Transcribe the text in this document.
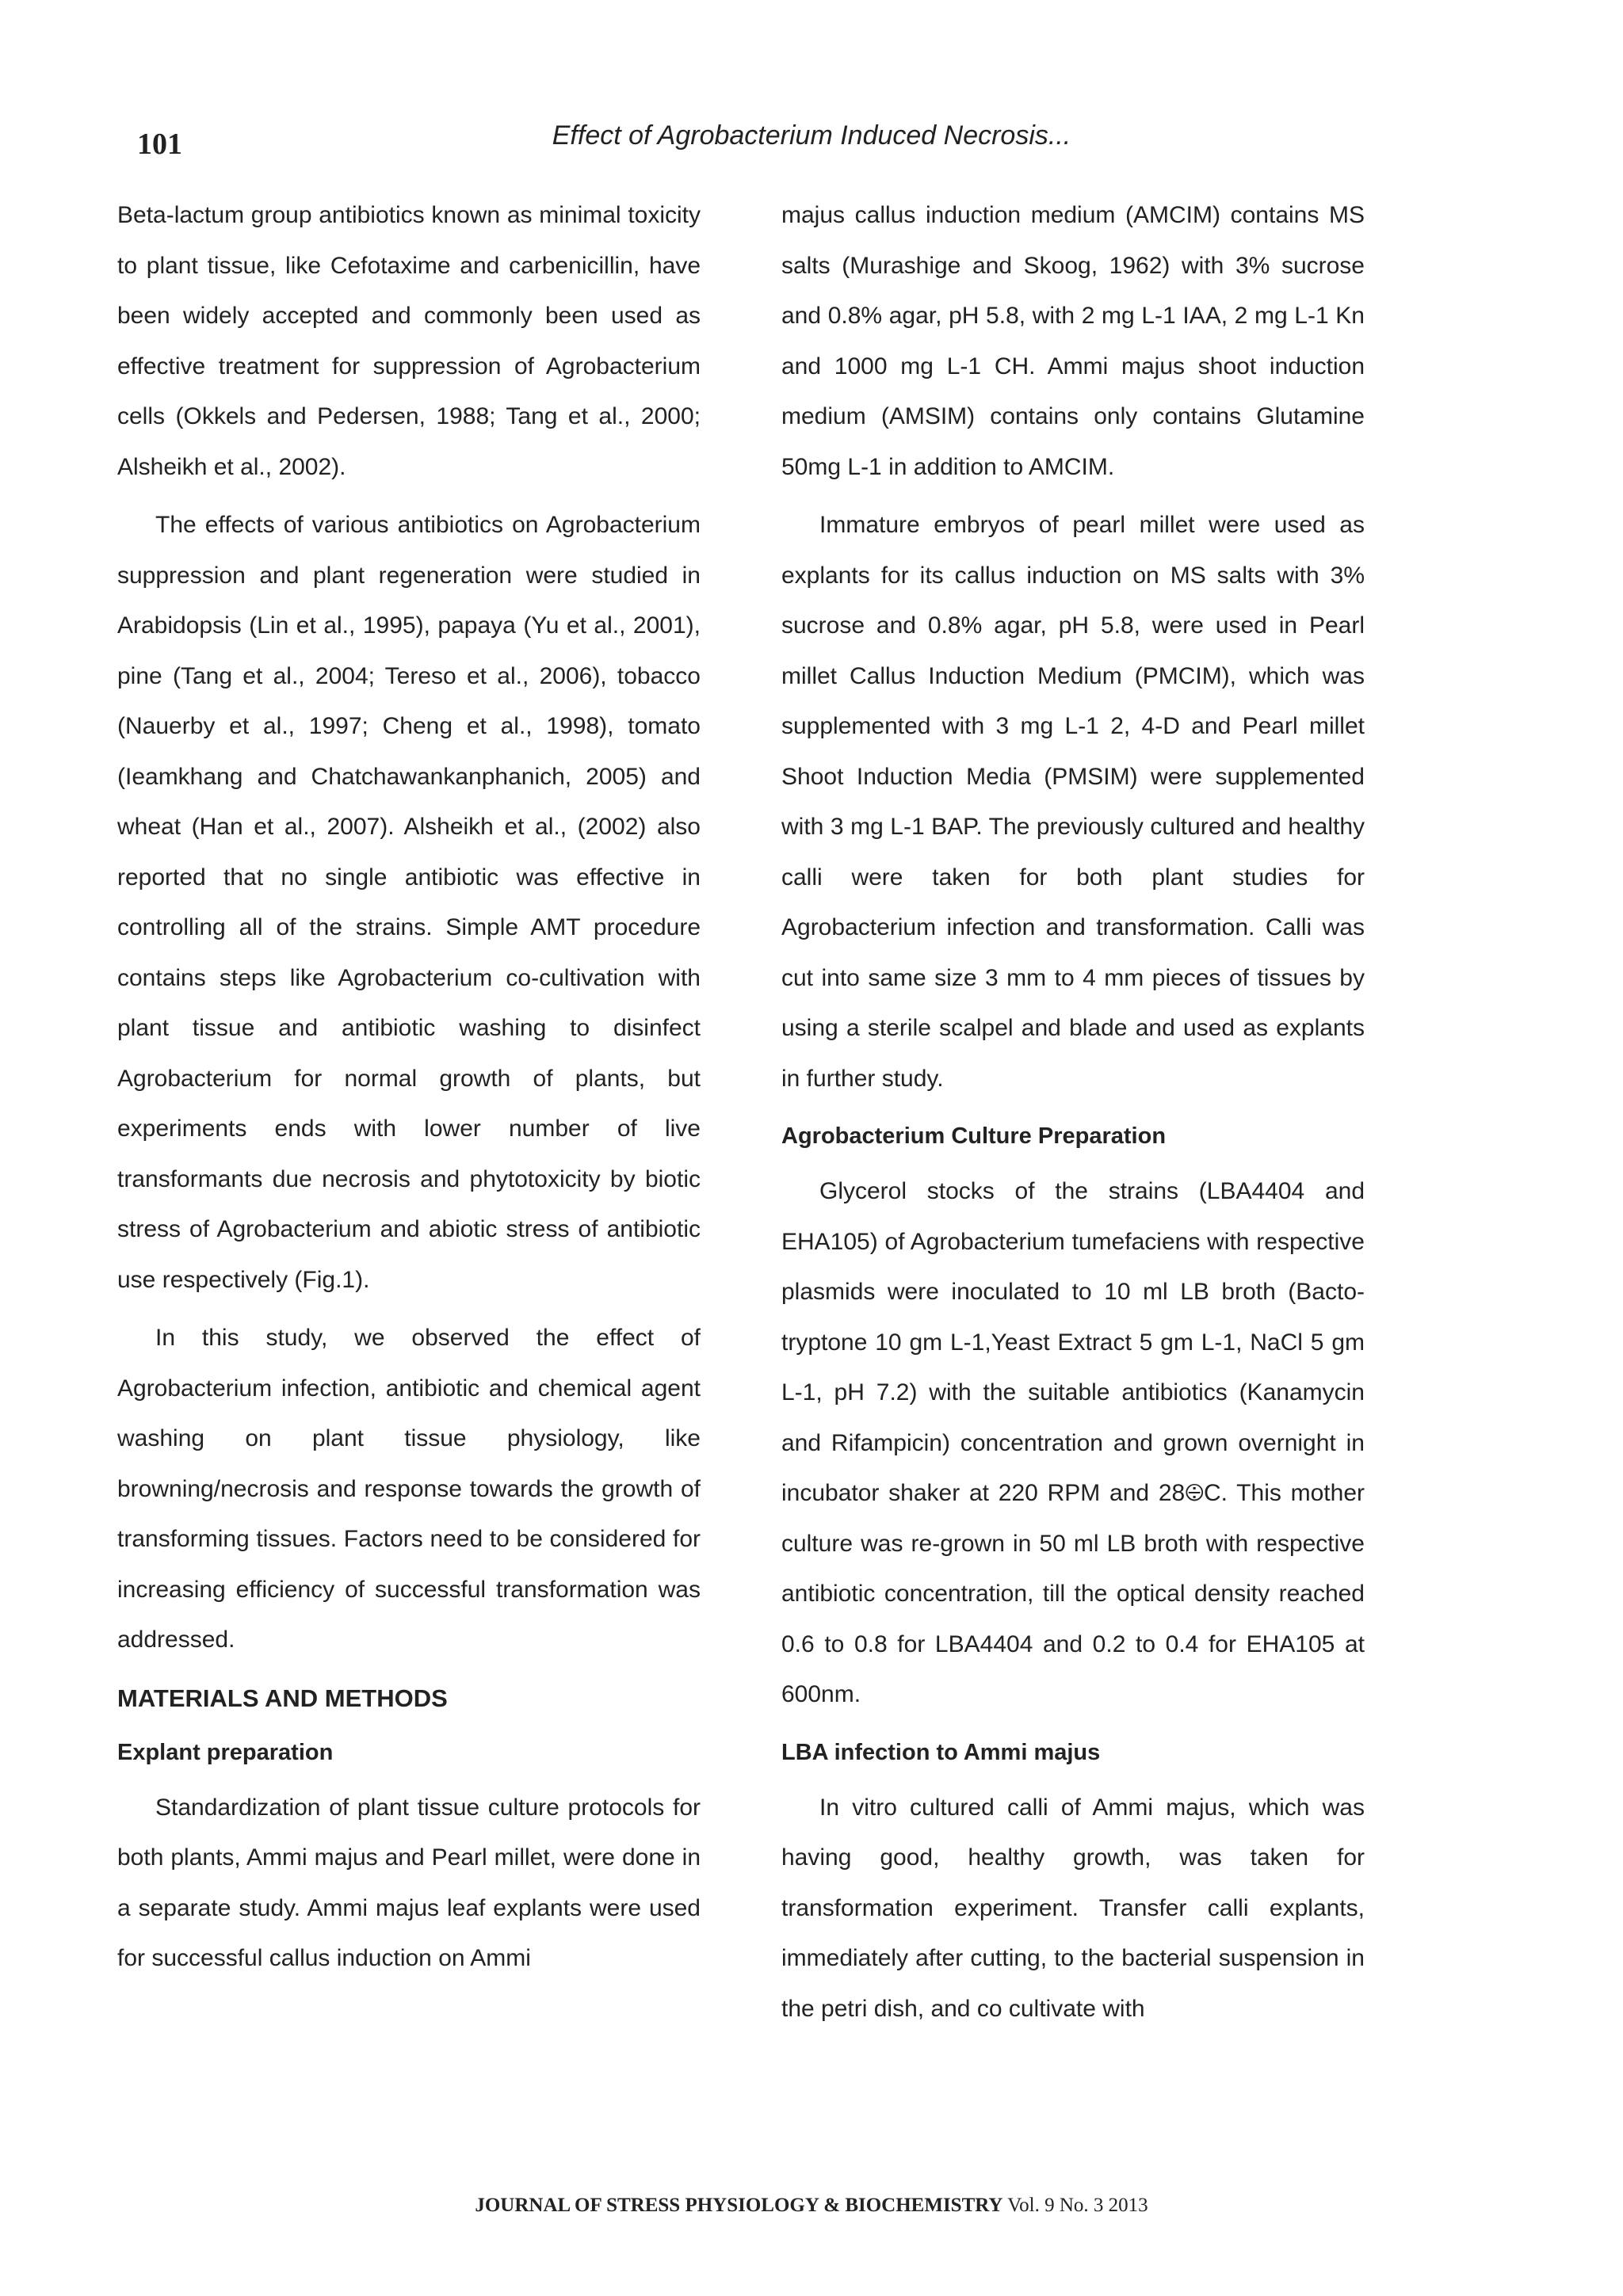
101	Effect of Agrobacterium Induced Necrosis...

Beta-lactum group antibiotics known as minimal toxicity to plant tissue, like Cefotaxime and carbenicillin, have been widely accepted and commonly been used as effective treatment for suppression of Agrobacterium cells (Okkels and Pedersen, 1988; Tang et al., 2000; Alsheikh et al., 2002).

The effects of various antibiotics on Agrobacterium suppression and plant regeneration were studied in Arabidopsis (Lin et al., 1995), papaya (Yu et al., 2001), pine (Tang et al., 2004; Tereso et al., 2006), tobacco (Nauerby et al., 1997; Cheng et al., 1998), tomato (Ieamkhang and Chatchawankanphanich, 2005) and wheat (Han et al., 2007). Alsheikh et al., (2002) also reported that no single antibiotic was effective in controlling all of the strains. Simple AMT procedure contains steps like Agrobacterium co-cultivation with plant tissue and antibiotic washing to disinfect Agrobacterium for normal growth of plants, but experiments ends with lower number of live transformants due necrosis and phytotoxicity by biotic stress of Agrobacterium and abiotic stress of antibiotic use respectively (Fig.1).

In this study, we observed the effect of Agrobacterium infection, antibiotic and chemical agent washing on plant tissue physiology, like browning/necrosis and response towards the growth of transforming tissues. Factors need to be considered for increasing efficiency of successful transformation was addressed.

MATERIALS AND METHODS
Explant preparation

Standardization of plant tissue culture protocols for both plants, Ammi majus and Pearl millet, were done in a separate study. Ammi majus leaf explants were used for successful callus induction on Ammi

majus callus induction medium (AMCIM) contains MS salts (Murashige and Skoog, 1962) with 3% sucrose and 0.8% agar, pH 5.8, with 2 mg L-1 IAA, 2 mg L-1 Kn and 1000 mg L-1 CH. Ammi majus shoot induction medium (AMSIM) contains only contains Glutamine 50mg L-1 in addition to AMCIM.

Immature embryos of pearl millet were used as explants for its callus induction on MS salts with 3% sucrose and 0.8% agar, pH 5.8, were used in Pearl millet Callus Induction Medium (PMCIM), which was supplemented with 3 mg L-1 2, 4-D and Pearl millet Shoot Induction Media (PMSIM) were supplemented with 3 mg L-1 BAP. The previously cultured and healthy calli were taken for both plant studies for Agrobacterium infection and transformation. Calli was cut into same size 3 mm to 4 mm pieces of tissues by using a sterile scalpel and blade and used as explants in further study.

Agrobacterium Culture Preparation

Glycerol stocks of the strains (LBA4404 and EHA105) of Agrobacterium tumefaciens with respective plasmids were inoculated to 10 ml LB broth (Bacto-tryptone 10 gm L-1,Yeast Extract 5 gm L-1, NaCl 5 gm L-1, pH 7.2) with the suitable antibiotics (Kanamycin and Rifampicin) concentration and grown overnight in incubator shaker at 220 RPM and 28⨸C. This mother culture was re-grown in 50 ml LB broth with respective antibiotic concentration, till the optical density reached 0.6 to 0.8 for LBA4404 and 0.2 to 0.4 for EHA105 at 600nm.

LBA infection to Ammi majus

In vitro cultured calli of Ammi majus, which was having good, healthy growth, was taken for transformation experiment. Transfer calli explants, immediately after cutting, to the bacterial suspension in the petri dish, and co cultivate with

JOURNAL OF STRESS PHYSIOLOGY & BIOCHEMISTRY Vol. 9 No. 3 2013
